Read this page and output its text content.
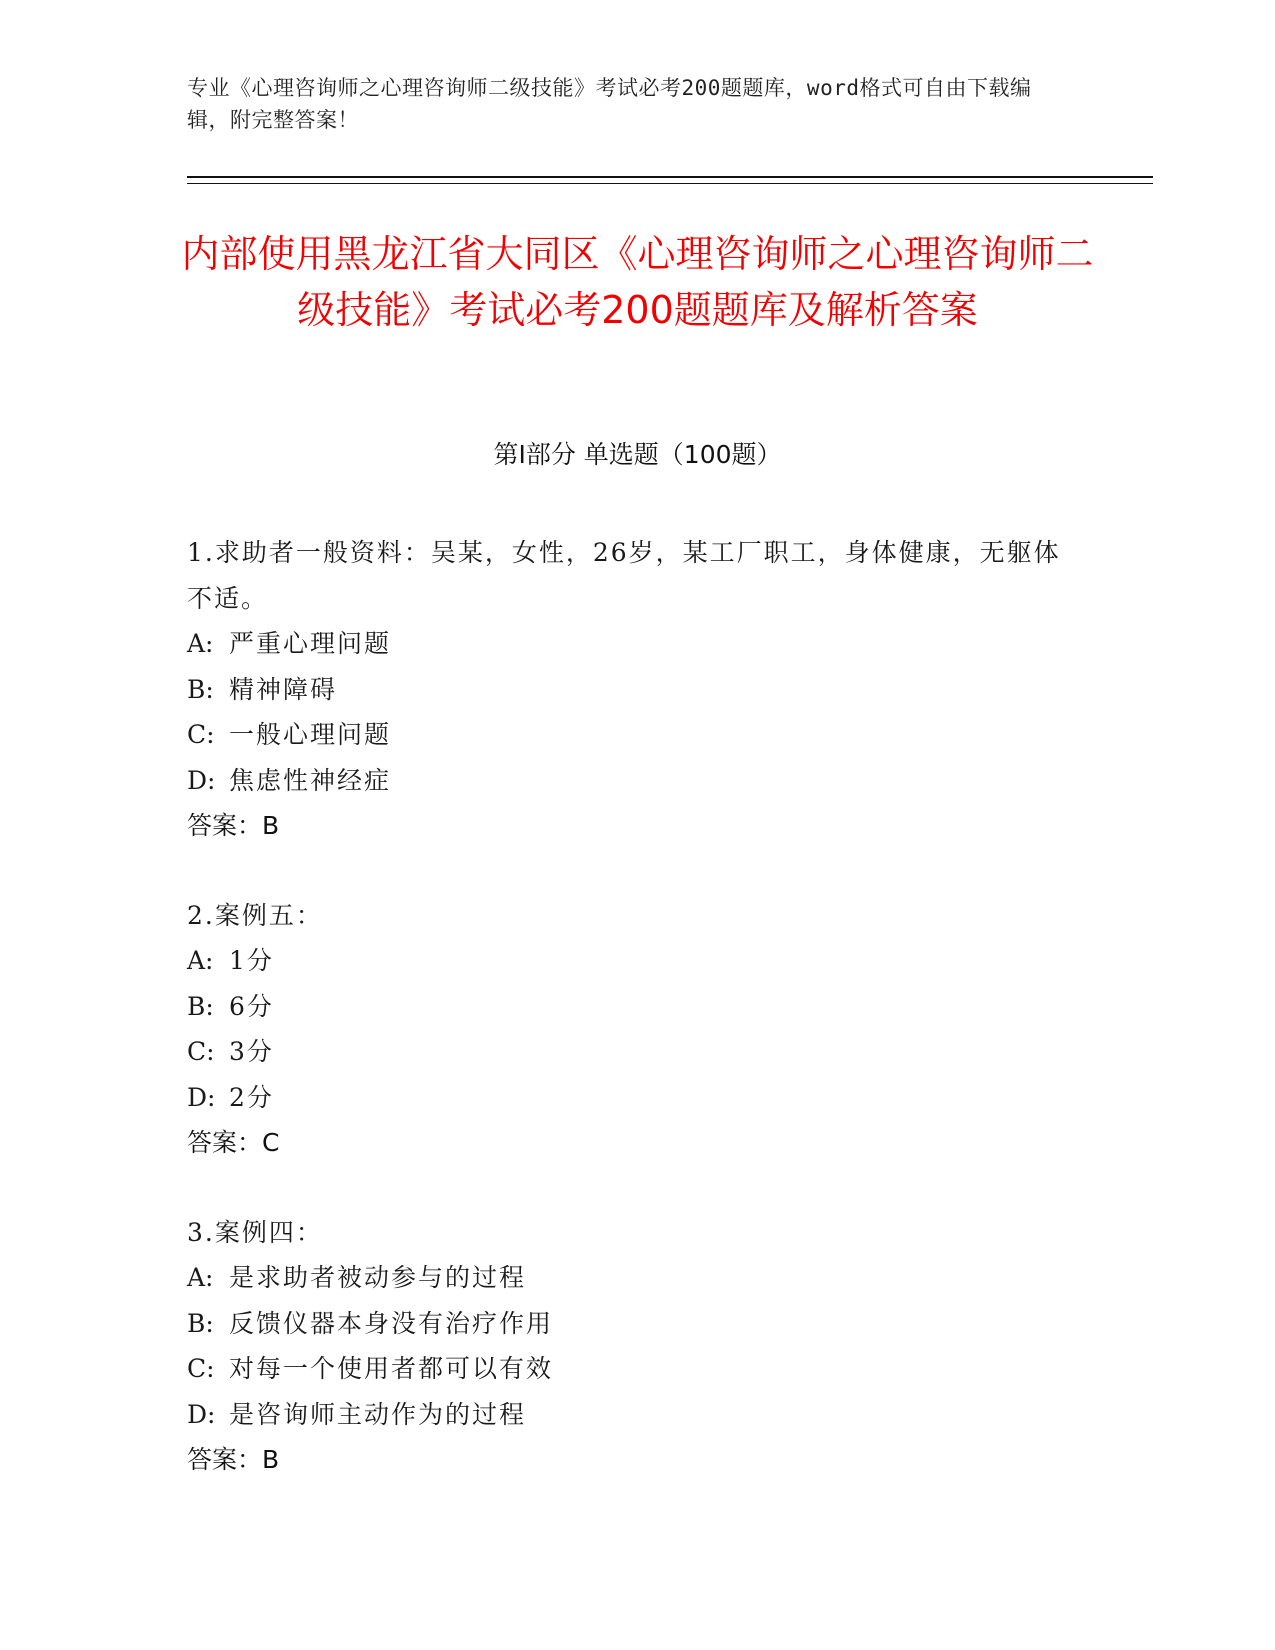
专业《心理咨询师之心理咨询师二级技能》考试必考200题题库，word格式可自由下载编辑，附完整答案！
内部使用黑龙江省大同区《心理咨询师之心理咨询师二级技能》考试必考200题题库及解析答案
第I部分 单选题（100题）
1.求助者一般资料：吴某，女性，26岁，某工厂职工，身体健康，无躯体不适。
A: 严重心理问题
B: 精神障碍
C: 一般心理问题
D: 焦虑性神经症
答案：B
2.案例五：
A: 1分
B: 6分
C: 3分
D: 2分
答案：C
3.案例四：
A: 是求助者被动参与的过程
B: 反馈仪器本身没有治疗作用
C: 对每一个使用者都可以有效
D: 是咨询师主动作为的过程
答案：B
